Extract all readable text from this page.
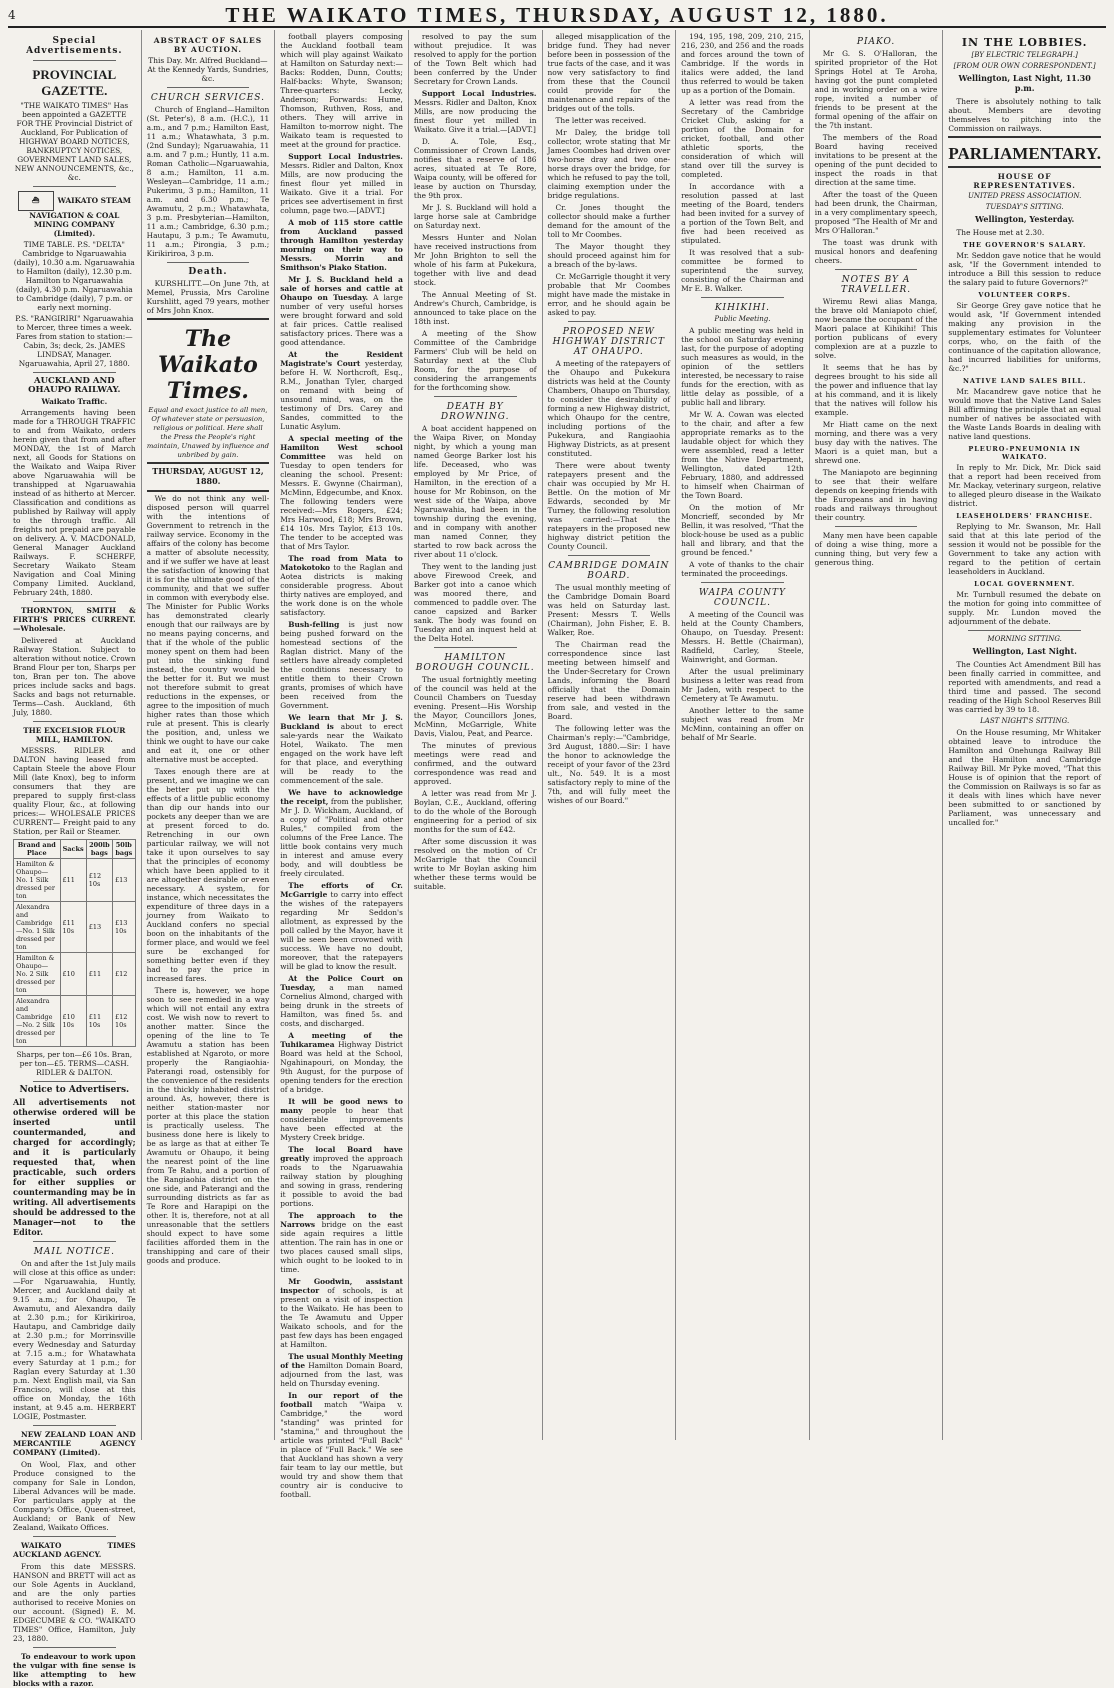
4	THE WAIKATO TIMES, THURSDAY, AUGUST 12, 1880.
Special Advertisements.
PROVINCIAL GAZETTE.

"THE WAIKATO TIMES" Has been appointed a GAZETTE FOR THE Provincial District of Auckland, For Publication of HIGHWAY BOARD NOTICES, BANKRUPTCY NOTICES, GOVERNMENT LAND SALES, NEW ANNOUNCEMENTS, &c., &c.

⛴ WAIKATO STEAM NAVIGATION & COAL MINING COMPANY (Limited).

TIME TABLE. P.S. "DELTA" Cambridge to Ngaruawahia (daily), 10.30 a.m. Ngaruawahia to Hamilton (daily), 12.30 p.m. Hamilton to Ngaruawahia (daily), 4.30 p.m. Ngaruawahia to Cambridge (daily), 7 p.m. or early next morning.

P.S. "RANGIRIRI" Ngaruawahia to Mercer, three times a week. Fares from station to station:—Cabin, 3s; deck, 2s. JAMES LINDSAY, Manager. Ngaruawahia, April 27, 1880.

AUCKLAND AND OHAUPO RAILWAY.

Waikato Traffic.

Arrangements having been made for a THROUGH TRAFFIC to and from Waikato, orders herein given that from and after MONDAY, the 1st of March next, all Goods for Stations on the Waikato and Waipa River above Ngaruawahia will be transhipped at Ngaruawahia instead of as hitherto at Mercer. Classification and conditions as published by Railway will apply to the through traffic. All freights not prepaid are payable on delivery. A. V. MACDONALD, General Manager Auckland Railways. F. SCHERFF, Secretary Waikato Steam Navigation and Coal Mining Company Limited. Auckland, February 24th, 1880.

THORNTON, SMITH & FIRTH'S PRICES CURRENT.—Wholesale.

Delivered at Auckland Railway Station. Subject to alteration without notice. Crown Brand Flour per ton, Sharps per ton, Bran per ton. The above prices include sacks and bags. Sacks and bags not returnable. Terms—Cash. Auckland, 6th July, 1880.

THE EXCELSIOR FLOUR MILL, HAMILTON.

MESSRS. RIDLER and DALTON having leased from Captain Steele the above Flour Mill (late Knox), beg to inform consumers that they are prepared to supply first-class quality Flour, &c., at following prices:— WHOLESALE PRICES CURRENT— Freight paid to any Station, per Rail or Steamer.

Brand and Place	Sacks	200lb bags	50lb bags
Hamilton & Ohaupo—No. 1 Silk dressed per ton	£11	£12 10s	£13
Alexandra and Cambridge—No. 1 Silk dressed per ton	£11 10s	£13	£13 10s
Hamilton & Ohaupo—No. 2 Silk dressed per ton	£10	£11	£12
Alexandra and Cambridge—No. 2 Silk dressed per ton	£10 10s	£11 10s	£12 10s

Sharps, per ton—£6 10s. Bran, per ton—£5. TERMS—CASH. RIDLER & DALTON.

Notice to Advertisers.

All advertisements not otherwise ordered will be inserted until countermanded, and charged for accordingly; and it is particularly requested that, when practicable, such orders for either supplies or countermanding may be in writing. All advertisements should be addressed to the Manager—not to the Editor.

MAIL NOTICE.

On and after the 1st July mails will close at this office as under:—For Ngaruawahia, Huntly, Mercer, and Auckland daily at 9.15 a.m.; for Ohaupo, Te Awamutu, and Alexandra daily at 2.30 p.m.; for Kirikiriroa, Hautapu, and Cambridge daily at 2.30 p.m.; for Morrinsville every Wednesday and Saturday at 7.15 a.m.; for Whatawhata every Saturday at 1 p.m.; for Raglan every Saturday at 1.30 p.m. Next English mail, via San Francisco, will close at this office on Monday, the 16th instant, at 9.45 a.m. HERBERT LOGIE, Postmaster.

NEW ZEALAND LOAN AND MERCANTILE AGENCY COMPANY (Limited).

On Wool, Flax, and other Produce consigned to the company for Sale in London, Liberal Advances will be made. For particulars apply at the Company's Office, Queen-street, Auckland; or Bank of New Zealand, Waikato Offices.

WAIKATO TIMES AUCKLAND AGENCY.

From this date MESSRS. HANSON and BRETT will act as our Sole Agents in Auckland, and are the only parties authorised to receive Monies on our account. (Signed) E. M. EDGECUMBE & CO. "WAIKATO TIMES" Office, Hamilton, July 23, 1880.

To endeavour to work upon the vulgar with fine sense is like attempting to hew blocks with a razor.

ABSTRACT OF SALES BY AUCTION.

This Day. Mr. Alfred Buckland—At the Kennedy Yards, Sundries, &c.

CHURCH SERVICES.

Church of England—Hamilton (St. Peter's), 8 a.m. (H.C.), 11 a.m., and 7 p.m.; Hamilton East, 11 a.m.; Whatawhata, 3 p.m. (2nd Sunday); Ngaruawahia, 11 a.m. and 7 p.m.; Huntly, 11 a.m. Roman Catholic—Ngaruawahia, 8 a.m.; Hamilton, 11 a.m. Wesleyan—Cambridge, 11 a.m.; Pukerimu, 3 p.m.; Hamilton, 11 a.m. and 6.30 p.m.; Te Awamutu, 2 p.m.; Whatawhata, 3 p.m. Presbyterian—Hamilton, 11 a.m.; Cambridge, 6.30 p.m.; Hautapu, 3 p.m.; Te Awamutu, 11 a.m.; Pirongia, 3 p.m.; Kirikiriroa, 3 p.m.

Death.

KURSHLITT.—On June 7th, at Memel, Prussia, Mrs Caroline Kurshlitt, aged 79 years, mother of Mrs John Knox.

The Waikato Times.

Equal and exact justice to all men, Of whatever state or persuasion, religious or political. Here shall the Press the People's right maintain, Unawed by influence and unbribed by gain.

THURSDAY, AUGUST 12, 1880.

We do not think any well-disposed person will quarrel with the intentions of Government to retrench in the railway service. Economy in the affairs of the colony has become a matter of absolute necessity, and if we suffer we have at least the satisfaction of knowing that it is for the ultimate good of the community, and that we suffer in common with everybody else. The Minister for Public Works has demonstrated clearly enough that our railways are by no means paying concerns, and that if the whole of the public money spent on them had been put into the sinking fund instead, the country would be the better for it. But we must not therefore submit to great reductions in the expenses, or agree to the imposition of much higher rates than those which rule at present. This is clearly the position, and, unless we think we ought to have our cake and eat it, one or other alternative must be accepted.

Taxes enough there are at present, and we imagine we can the better put up with the effects of a little public economy than dip our hands into our pockets any deeper than we are at present forced to do. Retrenching in our own particular railway, we will not take it upon ourselves to say that the principles of economy which have been applied to it are altogether desirable or even necessary. A system, for instance, which necessitates the expenditure of three days in a journey from Waikato to Auckland confers no special boon on the inhabitants of the former place, and would we feel sure be exchanged for something better even if they had to pay the price in increased fares.

There is, however, we hope soon to see remedied in a way which will not entail any extra cost. We wish now to revert to another matter. Since the opening of the line to Te Awamutu a station has been established at Ngaroto, or more properly the Rangiaohia-Paterangi road, ostensibly for the convenience of the residents in the thickly inhabited district around. As, however, there is neither station-master nor porter at this place the station is practically useless. The business done here is likely to be as large as that at either Te Awamutu or Ohaupo, it being the nearest point of the line from Te Rahu, and a portion of the Rangiaohia district on the one side, and Paterangi and the surrounding districts as far as Te Rore and Harapipi on the other. It is, therefore, not at all unreasonable that the settlers should expect to have some facilities afforded them in the transhipping and care of their goods and produce.

football players composing the Auckland football team which will play against Waikato at Hamilton on Saturday next:—Backs: Rodden, Dunn, Coutts; Half-backs: Whyte, Swanson; Three-quarters: Lecky, Anderson; Forwards: Hume, Thomson, Ruthven, Ross, and others. They will arrive in Hamilton to-morrow night. The Waikato team is requested to meet at the ground for practice.

Support Local Industries. Messrs. Ridler and Dalton, Knox Mills, are now producing the finest flour yet milled in Waikato. Give it a trial. For prices see advertisement in first column, page two.—[ADVT.]

A mob of 115 store cattle from Auckland passed through Hamilton yesterday morning on their way to Messrs. Morrin and Smithson's Piako Station.

Mr J. S. Buckland held a sale of horses and cattle at Ohaupo on Tuesday. A large number of very useful horses were brought forward and sold at fair prices. Cattle realised satisfactory prices. There was a good attendance.

At the Resident Magistrate's Court yesterday, before H. W. Northcroft, Esq., R.M., Jonathan Tyler, charged on remand with being of unsound mind, was, on the testimony of Drs. Carey and Sandes, committed to the Lunatic Asylum.

A special meeting of the Hamilton West school Committee was held on Tuesday to open tenders for cleaning the school. Present: Messrs. E. Gwynne (Chairman), McMinn, Edgecumbe, and Knox. The following tenders were received:—Mrs Rogers, £24; Mrs Harwood, £18; Mrs Brown, £14 10s. Mrs Taylor, £13 10s. The tender to be accepted was that of Mrs Taylor.

The road from Mata to Matokotoko to the Raglan and Aotea districts is making considerable progress. About thirty natives are employed, and the work done is on the whole satisfactory.

Bush-felling is just now being pushed forward on the homestead sections of the Raglan district. Many of the settlers have already completed the conditions necessary to entitle them to their Crown grants, promises of which have been received from the Government.

We learn that Mr J. S. Buckland is about to erect sale-yards near the Waikato Hotel, Waikato. The men engaged on the work have left for that place, and everything will be ready to the commencement of the sale.

We have to acknowledge the receipt, from the publisher, Mr J. D. Wickham, Auckland, of a copy of "Political and other Rules," compiled from the columns of the Free Lance. The little book contains very much in interest and amuse every body, and will doubtless be freely circulated.

The efforts of Cr. McGarrigle to carry into effect the wishes of the ratepayers regarding Mr Seddon's allotment, as expressed by the poll called by the Mayor, have it will be seen been crowned with success. We have no doubt, moreover, that the ratepayers will be glad to know the result.

At the Police Court on Tuesday, a man named Cornelius Almond, charged with being drunk in the streets of Hamilton, was fined 5s. and costs, and discharged.

A meeting of the Tuhikaramea Highway District Board was held at the School, Ngahinapouri, on Monday, the 9th August, for the purpose of opening tenders for the erection of a bridge.

It will be good news to many people to hear that considerable improvements have been effected at the Mystery Creek bridge.

The local Board have greatly improved the approach roads to the Ngaruawahia railway station by ploughing and sowing in grass, rendering it possible to avoid the bad portions.

The approach to the Narrows bridge on the east side again requires a little attention. The rain has in one or two places caused small slips, which ought to be looked to in time.

Mr Goodwin, assistant inspector of schools, is at present on a visit of inspection to the Waikato. He has been to the Te Awamutu and Upper Waikato schools, and for the past few days has been engaged at Hamilton.

The usual Monthly Meeting of the Hamilton Domain Board, adjourned from the last, was held on Thursday evening.

In our report of the football match "Waipa v. Cambridge," the word "standing" was printed for "stamina," and throughout the article was printed "Full Back" in place of "Full Back." We see that Auckland has shown a very fair team to lay our mettle, but would try and show them that country air is conducive to football.

resolved to pay the sum without prejudice. It was resolved to apply for the portion of the Town Belt which had been conferred by the Under Secretary for Crown Lands.

Support Local Industries. Messrs. Ridler and Dalton, Knox Mills, are now producing the finest flour yet milled in Waikato. Give it a trial.—[ADVT.]

D. A. Tole, Esq., Commissioner of Crown Lands, notifies that a reserve of 186 acres, situated at Te Rore, Waipa county, will be offered for lease by auction on Thursday, the 9th prox.

Mr J. S. Buckland will hold a large horse sale at Cambridge on Saturday next.

Messrs Hunter and Nolan have received instructions from Mr John Brighton to sell the whole of his farm at Pukekura, together with live and dead stock.

The Annual Meeting of St. Andrew's Church, Cambridge, is announced to take place on the 18th inst.

A meeting of the Show Committee of the Cambridge Farmers' Club will be held on Saturday next at the Club Room, for the purpose of considering the arrangements for the forthcoming show.

DEATH BY DROWNING.

A boat accident happened on the Waipa River, on Monday night, by which a young man named George Barker lost his life. Deceased, who was employed by Mr Price, of Hamilton, in the erection of a house for Mr Robinson, on the west side of the Waipa, above Ngaruawahia, had been in the township during the evening, and in company with another man named Conner, they started to row back across the river about 11 o'clock.

They went to the landing just above Firewood Creek, and Barker got into a canoe which was moored there, and commenced to paddle over. The canoe capsized and Barker sank. The body was found on Tuesday and an inquest held at the Delta Hotel.

HAMILTON BOROUGH COUNCIL.

The usual fortnightly meeting of the council was held at the Council Chambers on Tuesday evening. Present—His Worship the Mayor, Councillors Jones, McMinn, McGarrigle, White Davis, Vialou, Peat, and Pearce.

The minutes of previous meetings were read and confirmed, and the outward correspondence was read and approved.

A letter was read from Mr J. Boylan, C.E., Auckland, offering to do the whole of the Borough engineering for a period of six months for the sum of £42.

After some discussion it was resolved on the motion of Cr McGarrigle that the Council write to Mr Boylan asking him whether these terms would be suitable.

alleged misapplication of the bridge fund. They had never before been in possession of the true facts of the case, and it was now very satisfactory to find from these that the Council could provide for the maintenance and repairs of the bridges out of the tolls.

The letter was received.

Mr Daley, the bridge toll collector, wrote stating that Mr James Coombes had driven over two-horse dray and two one-horse drays over the bridge, for which he refused to pay the toll, claiming exemption under the bridge regulations.

Cr. Jones thought the collector should make a further demand for the amount of the toll to Mr Coombes.

The Mayor thought they should proceed against him for a breach of the by-laws.

Cr. McGarrigle thought it very probable that Mr Coombes might have made the mistake in error, and he should again be asked to pay.

PROPOSED NEW HIGHWAY DISTRICT AT OHAUPO.

A meeting of the ratepayers of the Ohaupo and Pukekura districts was held at the County Chambers, Ohaupo on Thursday, to consider the desirability of forming a new Highway district, which Ohaupo for the centre, including portions of the Pukekura, and Rangiaohia Highway Districts, as at present constituted.

There were about twenty ratepayers present and the chair was occupied by Mr H. Bettle. On the motion of Mr Edwards, seconded by Mr Turney, the following resolution was carried:—That the ratepayers in the proposed new highway district petition the County Council.

CAMBRIDGE DOMAIN BOARD.

The usual monthly meeting of the Cambridge Domain Board was held on Saturday last. Present: Messrs T. Wells (Chairman), John Fisher, E. B. Walker, Roe.

The Chairman read the correspondence since last meeting between himself and the Under-Secretary for Crown Lands, informing the Board officially that the Domain reserve had been withdrawn from sale, and vested in the Board.

The following letter was the Chairman's reply:—"Cambridge, 3rd August, 1880.—Sir: I have the honor to acknowledge the receipt of your favor of the 23rd ult., No. 549. It is a most satisfactory reply to mine of the 7th, and will fully meet the wishes of our Board."

194, 195, 198, 209, 210, 215, 216, 230, and 256 and the roads and forces around the town of Cambridge. If the words in italics were added, the land thus referred to would be taken up as a portion of the Domain.

A letter was read from the Secretary of the Cambridge Cricket Club, asking for a portion of the Domain for cricket, football, and other athletic sports, the consideration of which will stand over till the survey is completed.

In accordance with a resolution passed at last meeting of the Board, tenders had been invited for a survey of a portion of the Town Belt, and five had been received as stipulated.

It was resolved that a sub-committee be formed to superintend the survey, consisting of the Chairman and Mr E. B. Walker.

KIHIKIHI.
Public Meeting.

A public meeting was held in the school on Saturday evening last, for the purpose of adopting such measures as would, in the opinion of the settlers interested, be necessary to raise funds for the erection, with as little delay as possible, of a public hall and library.

Mr W. A. Cowan was elected to the chair, and after a few appropriate remarks as to the laudable object for which they were assembled, read a letter from the Native Department, Wellington, dated 12th February, 1880, and addressed to himself when Chairman of the Town Board.

On the motion of Mr Moncrieff, seconded by Mr Bellin, it was resolved, "That the block-house be used as a public hall and library, and that the ground be fenced."

A vote of thanks to the chair terminated the proceedings.

WAIPA COUNTY COUNCIL.

A meeting of the Council was held at the County Chambers, Ohaupo, on Tuesday. Present: Messrs. H. Bettle (Chairman), Radfield, Carley, Steele, Wainwright, and Gorman.

After the usual preliminary business a letter was read from Mr Jaden, with respect to the Cemetery at Te Awamutu.

Another letter to the same subject was read from Mr McMinn, containing an offer on behalf of Mr Searle.

PIAKO.

Mr G. S. O'Halloran, the spirited proprietor of the Hot Springs Hotel at Te Aroha, having got the punt completed and in working order on a wire rope, invited a number of friends to be present at the formal opening of the affair on the 7th instant.

The members of the Road Board having received invitations to be present at the opening of the punt decided to inspect the roads in that direction at the same time.

After the toast of the Queen had been drunk, the Chairman, in a very complimentary speech, proposed "The Health of Mr and Mrs O'Halloran."

The toast was drunk with musical honors and deafening cheers.

NOTES BY A TRAVELLER.

Wiremu Rewi alias Manga, the brave old Maniapoto chief, now became the occupant of the Maori palace at Kihikihi! This portion publicans of every complexion are at a puzzle to solve.

It seems that he has by degrees brought to his side all the power and influence that lay at his command, and it is likely that the natives will follow his example.

Mr Hiatt came on the next morning, and there was a very busy day with the natives. The Maori is a quiet man, but a shrewd one.

The Maniapoto are beginning to see that their welfare depends on keeping friends with the Europeans and in having roads and railways throughout their country.

Many men have been capable of doing a wise thing, more a cunning thing, but very few a generous thing.

IN THE LOBBIES.
[BY ELECTRIC TELEGRAPH.]
[FROM OUR OWN CORRESPONDENT.]
Wellington, Last Night, 11.30 p.m.

There is absolutely nothing to talk about. Members are devoting themselves to pitching into the Commission on railways.

PARLIAMENTARY.
HOUSE OF REPRESENTATIVES.
UNITED PRESS ASSOCIATION.
TUESDAY'S SITTING.
Wellington, Yesterday.

The House met at 2.30.

THE GOVERNOR'S SALARY.

Mr. Seddon gave notice that he would ask, "If the Government intended to introduce a Bill this session to reduce the salary paid to future Governors?"

VOLUNTEER CORPS.

Sir George Grey gave notice that he would ask, "If Government intended making any provision in the supplementary estimates for Volunteer corps, who, on the faith of the continuance of the capitation allowance, had incurred liabilities for uniforms, &c.?"

NATIVE LAND SALES BILL.

Mr. Macandrew gave notice that he would move that the Native Land Sales Bill affirming the principle that an equal number of natives be associated with the Waste Lands Boards in dealing with native land questions.

PLEURO-PNEUMONIA IN WAIKATO.

In reply to Mr. Dick, Mr. Dick said that a report had been received from Mr. Mackay, veterinary surgeon, relative to alleged pleuro disease in the Waikato district.

LEASEHOLDERS' FRANCHISE.

Replying to Mr. Swanson, Mr. Hall said that at this late period of the session it would not be possible for the Government to take any action with regard to the petition of certain leaseholders in Auckland.

LOCAL GOVERNMENT.

Mr. Turnbull resumed the debate on the motion for going into committee of supply. Mr. Lundon moved the adjournment of the debate.

MORNING SITTING.
Wellington, Last Night.

The Counties Act Amendment Bill has been finally carried in committee, and reported with amendments, and read a third time and passed. The second reading of the High School Reserves Bill was carried by 39 to 18.

LAST NIGHT'S SITTING.

On the House resuming, Mr Whitaker obtained leave to introduce the Hamilton and Onehunga Railway Bill and the Hamilton and Cambridge Railway Bill. Mr Pyke moved, "That this House is of opinion that the report of the Commission on Railways is so far as it deals with lines which have never been submitted to or sanctioned by Parliament, was unnecessary and uncalled for."
